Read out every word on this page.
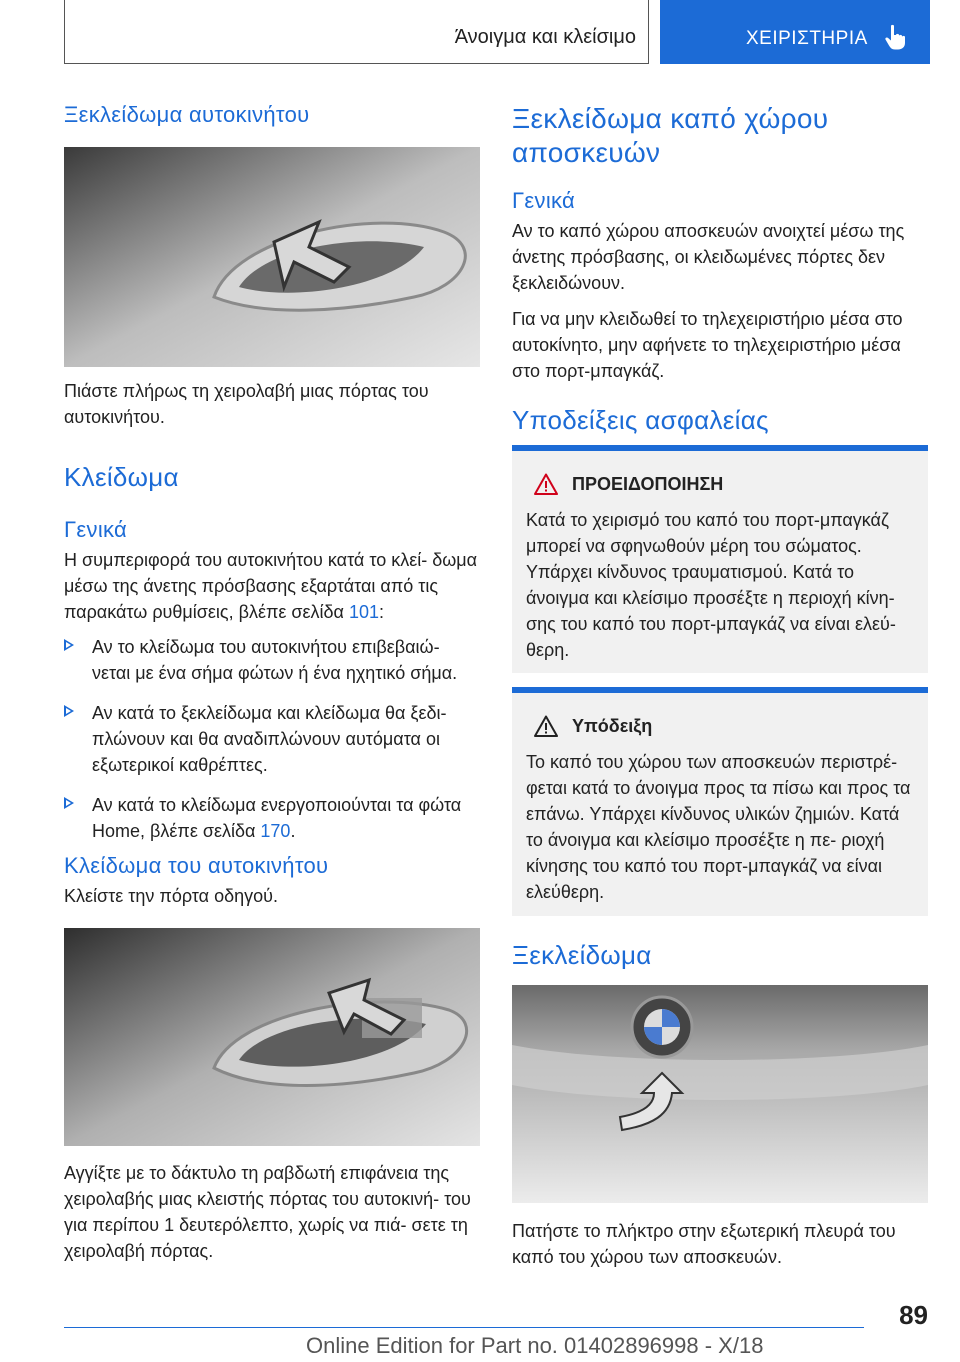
Άνοιγμα και κλείσιμο	ΧΕΙΡΙΣΤΗΡΙΑ
Ξεκλείδωμα αυτοκινήτου

Πιάστε πλήρως τη χειρολαβή μιας πόρτας του αυτοκινήτου.

Κλείδωμα
Γενικά

Η συμπεριφορά του αυτοκινήτου κατά το κλεί- δωμα μέσω της άνετης πρόσβασης εξαρτάται από τις παρακάτω ρυθμίσεις, βλέπε σελίδα 101:

Αν το κλείδωμα του αυτοκινήτου επιβεβαιώ- νεται με ένα σήμα φώτων ή ένα ηχητικό σήμα.
Αν κατά το ξεκλείδωμα και κλείδωμα θα ξεδι- πλώνουν και θα αναδιπλώνουν αυτόματα οι εξωτερικοί καθρέπτες.
Αν κατά το κλείδωμα ενεργοποιούνται τα φώτα Home, βλέπε σελίδα 170.
Κλείδωμα του αυτοκινήτου

Κλείστε την πόρτα οδηγού.

Αγγίξτε με το δάκτυλο τη ραβδωτή επιφάνεια της χειρολαβής μιας κλειστής πόρτας του αυτοκινή- του για περίπου 1 δευτερόλεπτο, χωρίς να πιά- σετε τη χειρολαβή πόρτας.

Ξεκλείδωμα καπό χώρου αποσκευών
Γενικά

Αν το καπό χώρου αποσκευών ανοιχτεί μέσω της άνετης πρόσβασης, οι κλειδωμένες πόρτες δεν ξεκλειδώνουν.

Για να μην κλειδωθεί το τηλεχειριστήριο μέσα στο αυτοκίνητο, μην αφήνετε το τηλεχειριστήριο μέσα στο πορτ-μπαγκάζ.

Υποδείξεις ασφαλείας
ΠΡΟΕΙΔΟΠΟΙΗΣΗ

Κατά το χειρισμό του καπό του πορτ-μπαγκάζ μπορεί να σφηνωθούν μέρη του σώματος. Υπάρχει κίνδυνος τραυματισμού. Κατά το άνοιγμα και κλείσιμο προσέξτε η περιοχή κίνη- σης του καπό του πορτ-μπαγκάζ να είναι ελεύ- θερη.

Υπόδειξη

Το καπό του χώρου των αποσκευών περιστρέ- φεται κατά το άνοιγμα προς τα πίσω και προς τα επάνω. Υπάρχει κίνδυνος υλικών ζημιών. Κατά το άνοιγμα και κλείσιμο προσέξτε η πε- ριοχή κίνησης του καπό του πορτ-μπαγκάζ να είναι ελεύθερη.

Ξεκλείδωμα

Πατήστε το πλήκτρο στην εξωτερική πλευρά του καπό του χώρου των αποσκευών.

89
Online Edition for Part no. 01402896998 - X/18
